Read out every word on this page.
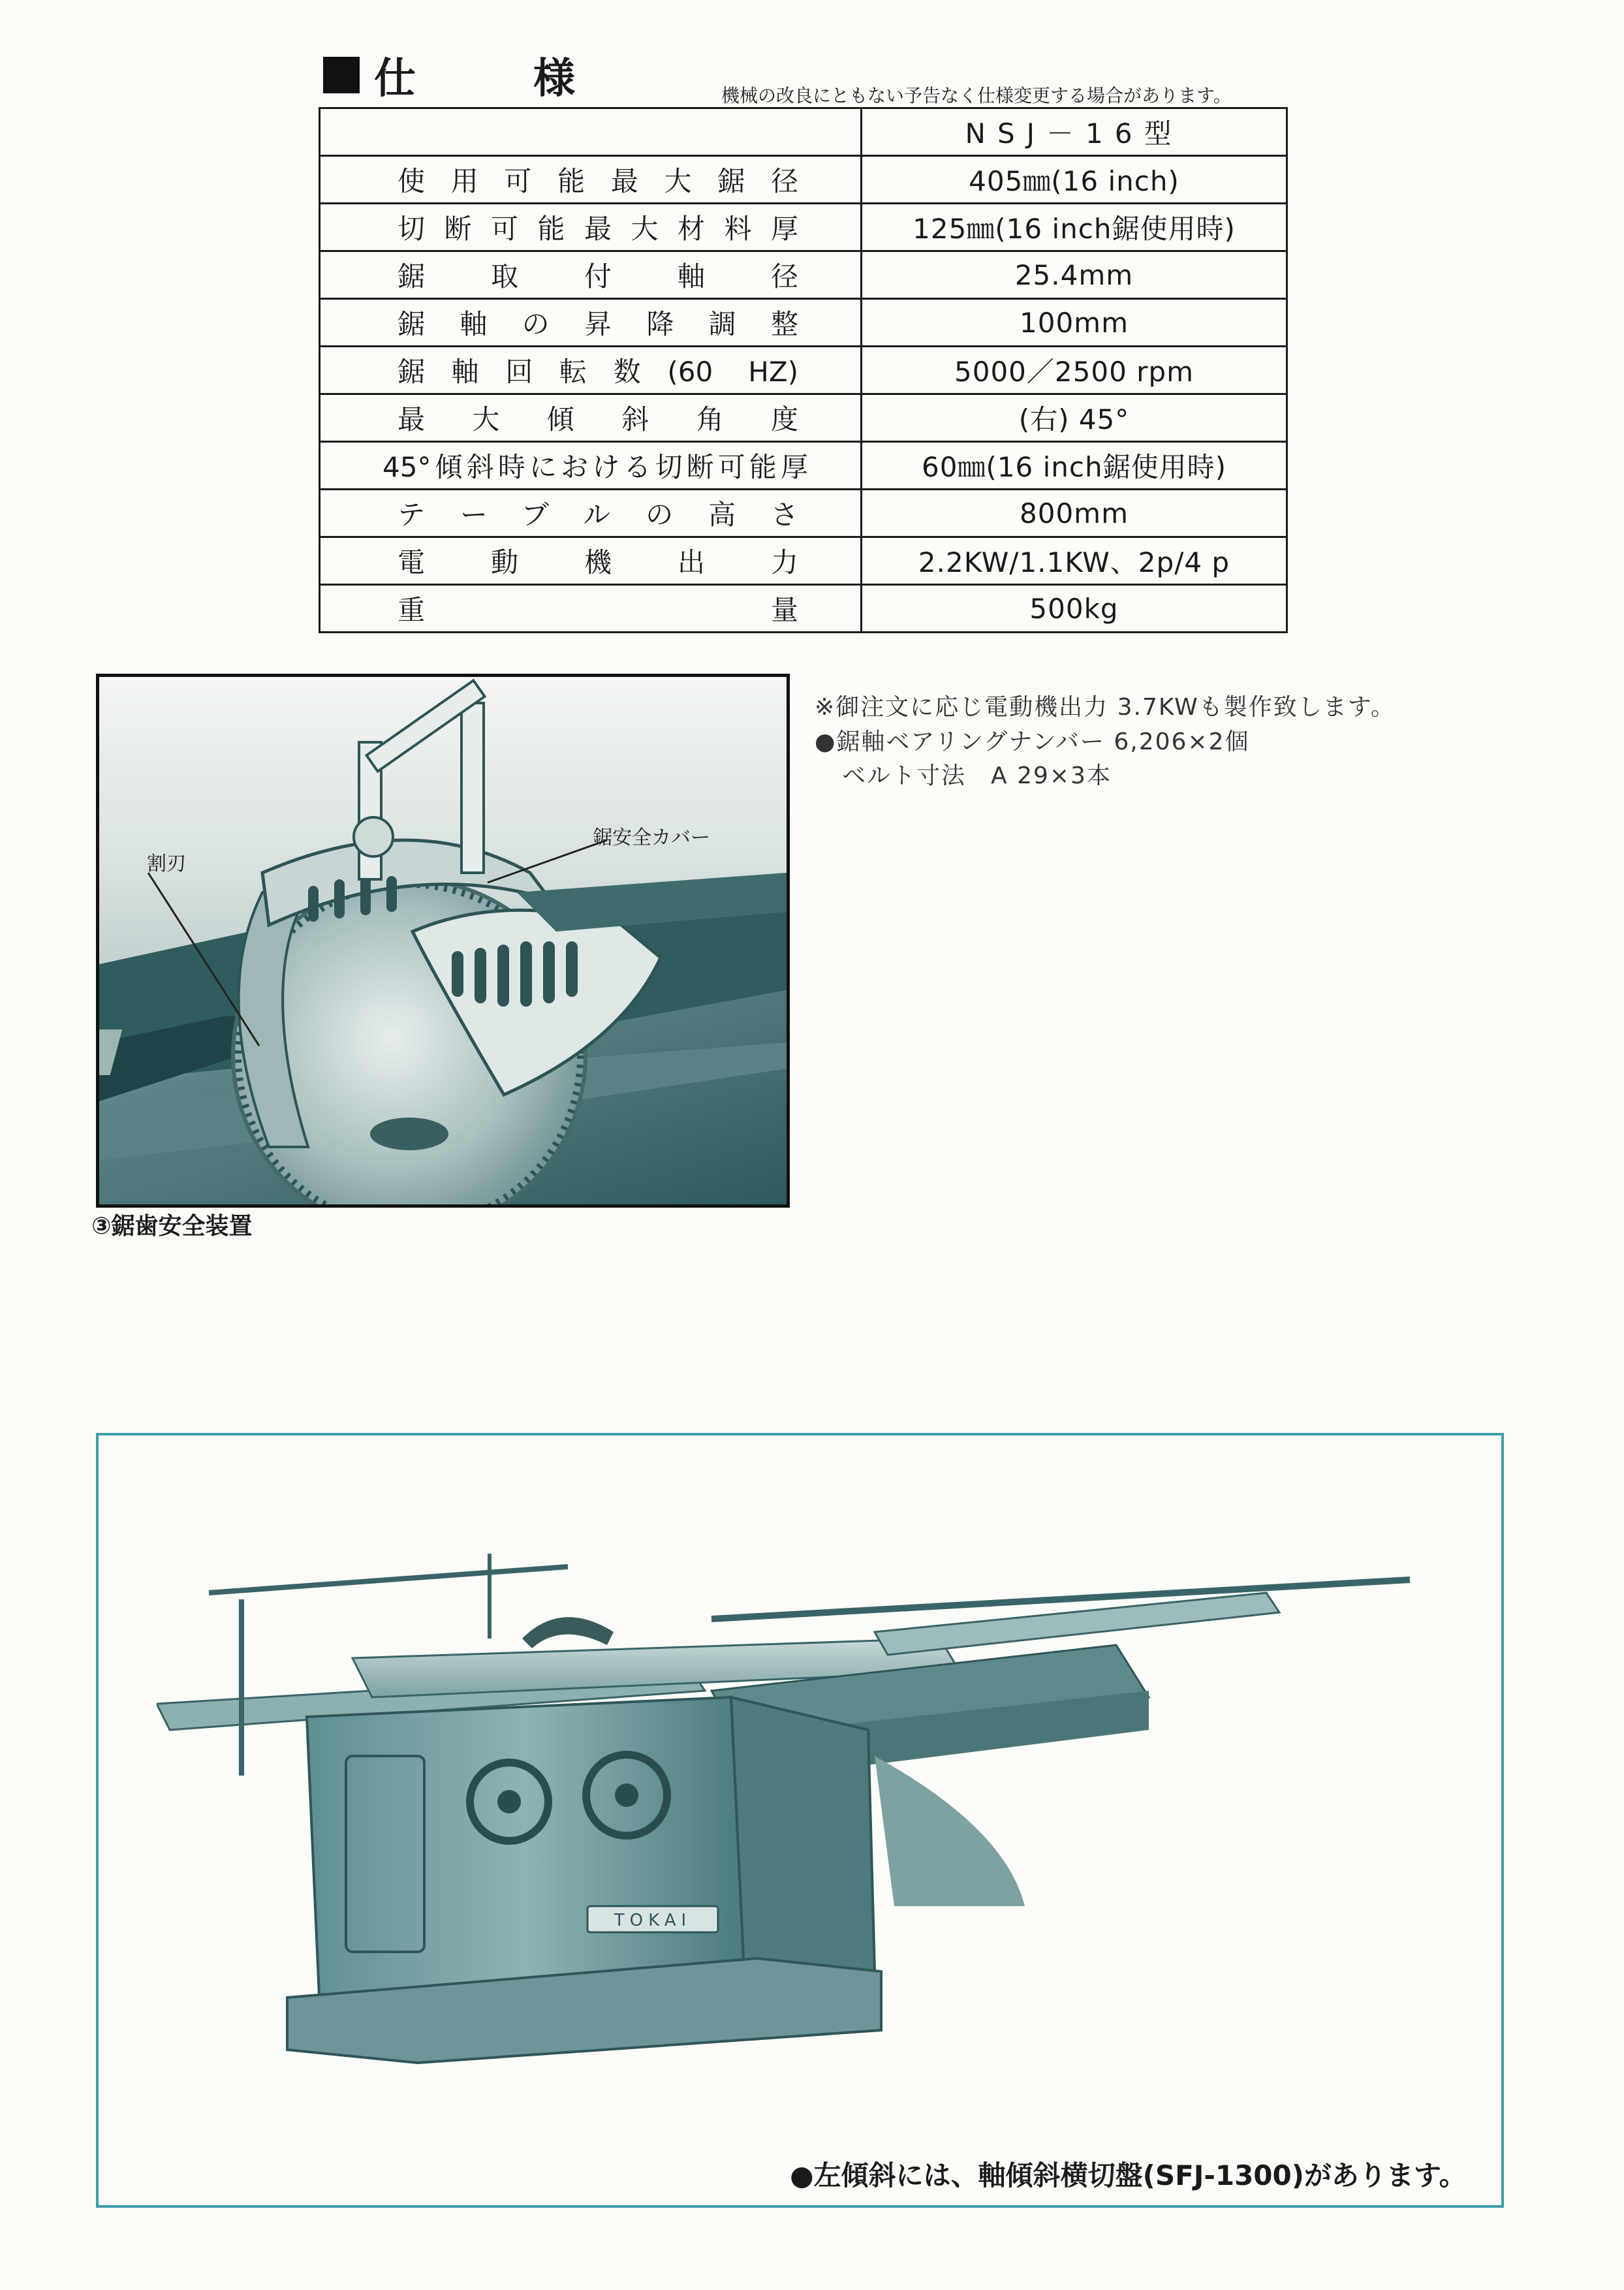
仕　様	機械の改良にともない予告なく仕様変更する場合があります。
	NSJ－16型
使用可能最大鋸径	405㎜(16 inch)
切断可能最大材料厚	125㎜(16 inch鋸使用時)
鋸取付軸径	25.4mm
鋸軸の昇降調整	100mm
鋸軸回転数(60 HZ)	5000／2500 rpm
最大傾斜角度	(右) 45°
45°傾斜時における切断可能厚	60㎜(16 inch鋸使用時)
テーブルの高さ	800mm
電動機出力	2.2KW/1.1KW、2p/4 p
重量	500kg
割刃
鋸安全カバー
③鋸歯安全装置
※御注文に応じ電動機出力 3.7KWも製作致します。
●鋸軸ベアリングナンバー 6,206×2個
ベルト寸法　A 29×3本
TOKAI
●左傾斜には、軸傾斜横切盤(SFJ-1300)があります。
